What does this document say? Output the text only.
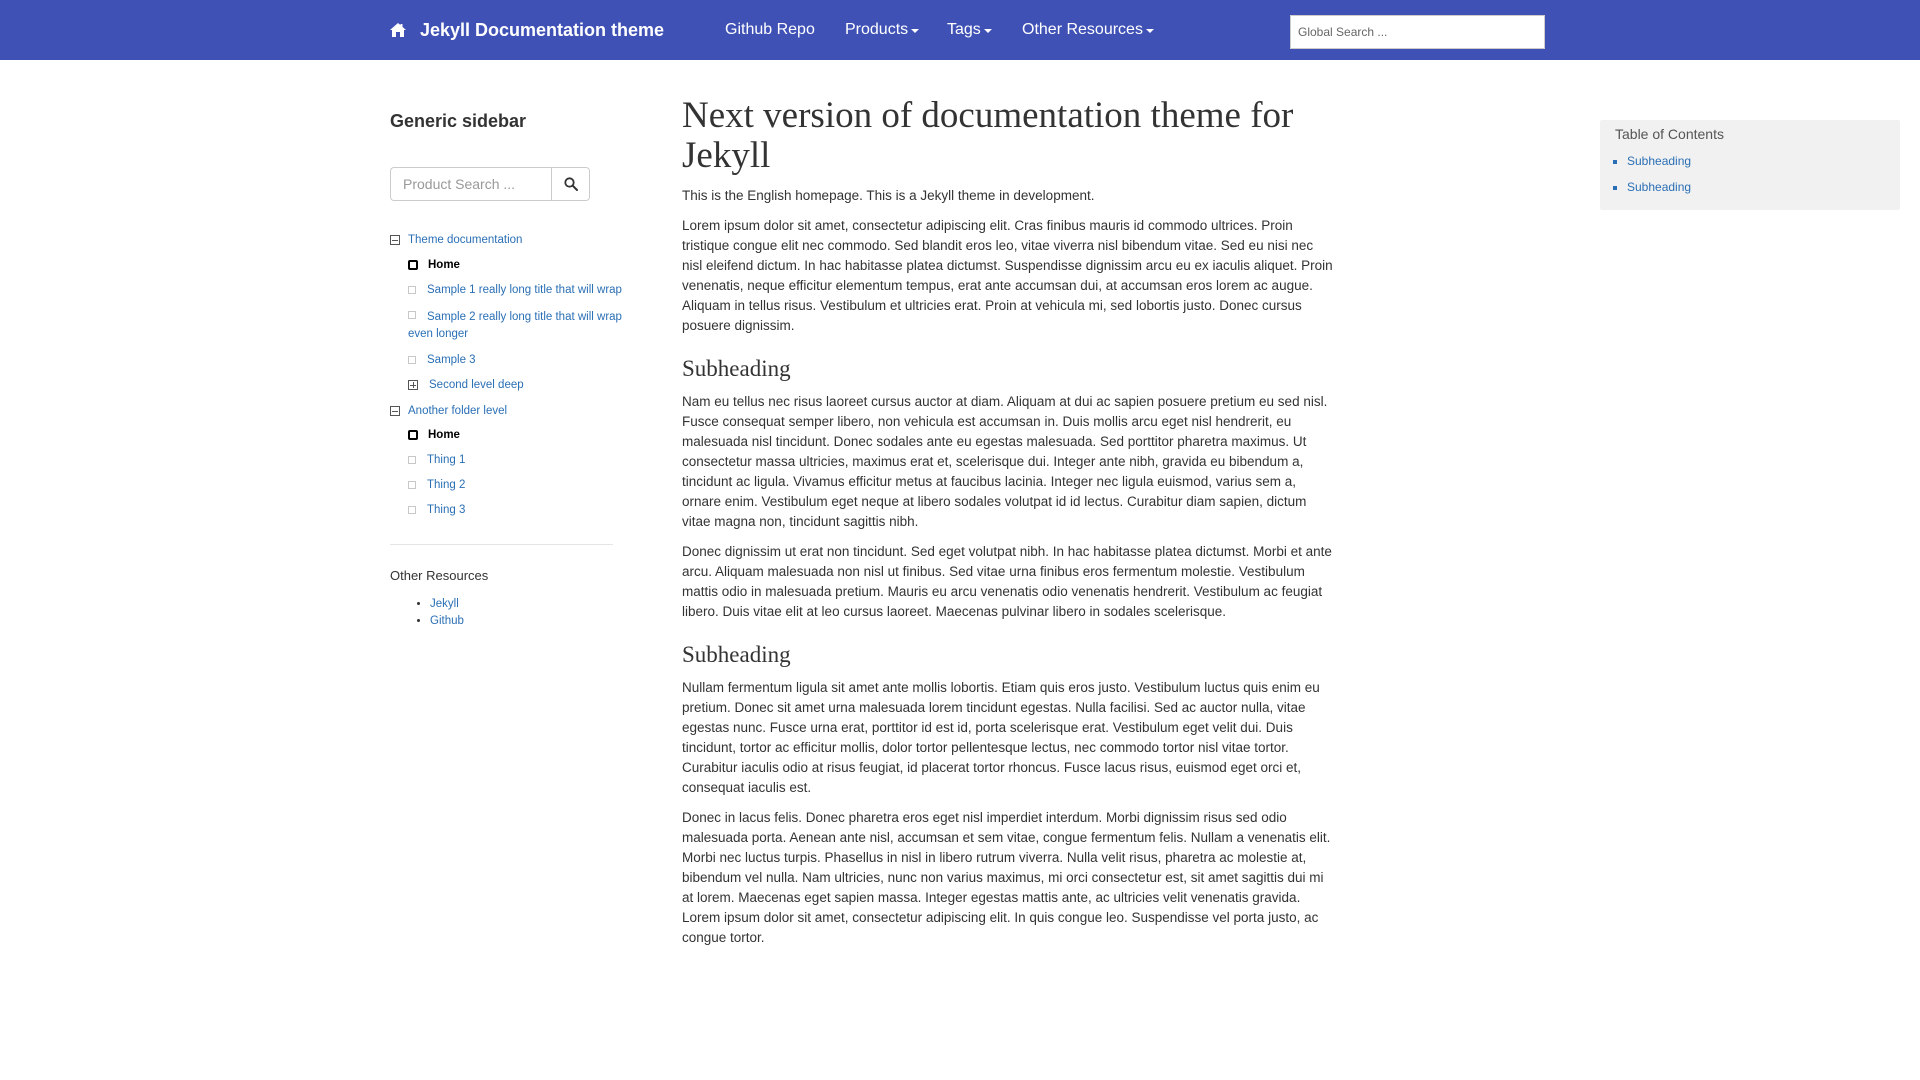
Jekyll Documentation theme	Github Repo Products Tags	Other Resources
Global Search ...
Generic sidebar
Product Search ...
Theme documentation
Home
Sample 1 really long title that will wrap
Sample 2 really long title that will wrap even longer
Sample 3
Second level deep
Another folder level
Home
Thing 1
Thing 2
Thing 3
Other Resources
• Jekyll
• Github
Next version of documentation theme for Jekyll

This is the English homepage. This is a Jekyll theme in development.

Lorem ipsum dolor sit amet, consectetur adipiscing elit. Cras finibus mauris id commodo ultrices. Proin tristique congue elit nec commodo. Sed blandit eros leo, vitae viverra nisl bibendum vitae. Sed eu nisi nec nisl eleifend dictum. In hac habitasse platea dictumst. Suspendisse dignissim arcu eu ex iaculis aliquet. Proin venenatis, neque efficitur elementum tempus, erat ante accumsan dui, at accumsan eros lorem ac augue. Aliquam in tellus risus. Vestibulum et ultricies erat. Proin at vehicula mi, sed lobortis justo. Donec cursus posuere dignissim.

Subheading

Nam eu tellus nec risus laoreet cursus auctor at diam. Aliquam at dui ac sapien posuere pretium eu sed nisl. Fusce consequat semper libero, non vehicula est accumsan in. Duis mollis arcu eget nisl hendrerit, eu malesuada nisl tincidunt. Donec sodales ante eu egestas malesuada. Sed porttitor pharetra maximus. Ut consectetur massa ultricies, maximus erat et, scelerisque dui. Integer ante nibh, gravida eu bibendum a, tincidunt ac ligula. Vivamus efficitur metus at faucibus lacinia. Integer nec ligula euismod, varius sem a, ornare enim. Vestibulum eget neque at libero sodales volutpat id id lectus. Curabitur diam sapien, dictum vitae magna non, tincidunt sagittis nibh.

Donec dignissim ut erat non tincidunt. Sed eget volutpat nibh. In hac habitasse platea dictumst. Morbi et ante arcu. Aliquam malesuada non nisl ut finibus. Sed vitae urna finibus eros fermentum molestie. Vestibulum mattis odio in malesuada pretium. Mauris eu arcu venenatis odio venenatis hendrerit. Vestibulum ac feugiat libero. Duis vitae elit at leo cursus laoreet. Maecenas pulvinar libero in sodales scelerisque.

Subheading

Nullam fermentum ligula sit amet ante mollis lobortis. Etiam quis eros justo. Vestibulum luctus quis enim eu pretium. Donec sit amet urna malesuada lorem tincidunt egestas. Nulla facilisi. Sed ac auctor nulla, vitae egestas nunc. Fusce urna erat, porttitor id est id, porta scelerisque erat. Vestibulum eget velit dui. Duis tincidunt, tortor ac efficitur mollis, dolor tortor pellentesque lectus, nec commodo tortor nisl vitae tortor. Curabitur iaculis odio at risus feugiat, id placerat tortor rhoncus. Fusce lacus risus, euismod eget orci et, consequat iaculis est.

Donec in lacus felis. Donec pharetra eros eget nisl imperdiet interdum. Morbi dignissim risus sed odio malesuada porta. Aenean ante nisl, accumsan et sem vitae, congue fermentum felis. Nullam a venenatis elit. Morbi nec luctus turpis. Phasellus in nisl in libero rutrum viverra. Nulla velit risus, pharetra ac molestie at, bibendum vel nulla. Nam ultricies, nunc non varius maximus, mi orci consectetur est, sit amet sagittis dui mi at lorem. Maecenas eget sapien massa. Integer egestas mattis ante, ac ultricies velit venenatis gravida. Lorem ipsum dolor sit amet, consectetur adipiscing elit. In quis congue leo. Suspendisse vel porta justo, ac congue tortor.

Table of Contents
▪ Subheading
▪ Subheading
